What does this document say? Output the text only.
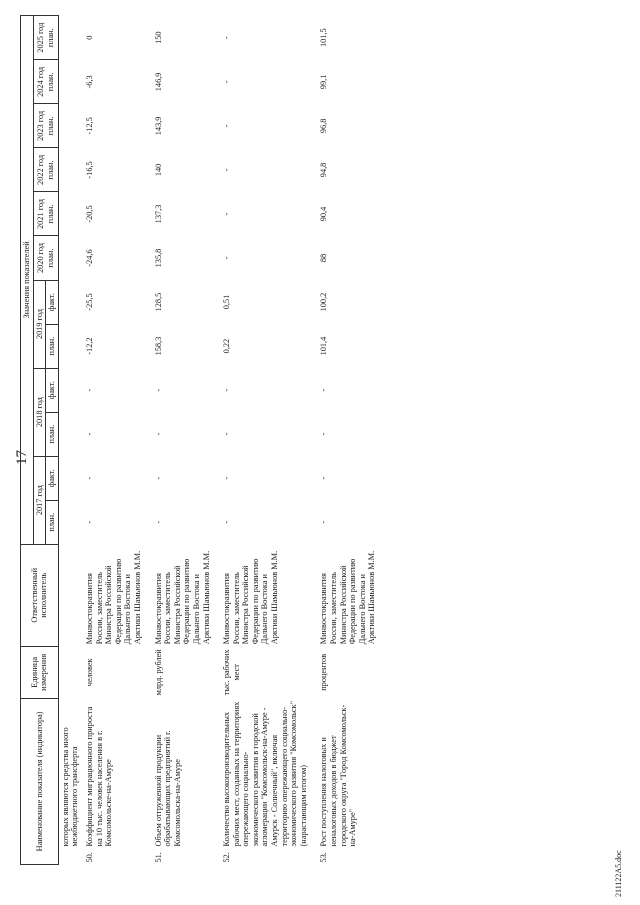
17
Наименование показателя (индикатора)		Единица измерения	Ответственный исполнитель	Значения показателей											
				2017 год		2018 год		2019 год		2020 год план.	2021 год план.	2022 год план.	2023 год план.	2024 год план.	2025 год план.
				план.	факт.	план.	факт.	план.	факт.						
	которых являются средства иного межбюджетного трансферта														
50.	Коэффициент миграционного прироста на 10 тыс. человек населения в г. Комсомольске-на-Амуре	человек	Минвостокразвития России, заместитель Министра Российской Федерации по развитию Дальнего Востока и Арктики Шамьюнов М.М.	-	-	-	-	-12,2	-25,5	-24,6	-20,5	-16,5	-12,5	-6,3	0
51.	Объем отгруженной продукции обрабатывающих предприятий г. Комсомольска-на-Амуре	млрд. рублей	Минвостокразвития России, заместитель Министра Российской Федерации по развитию Дальнего Востока и Арктики Шамьюнов М.М.	-	-	-	-	158,3	128,5	135,8	137,3	140	143,9	146,9	150
52.	Количество высокопроизводительных рабочих мест, созданных на территориях опережающего социально-экономического развития в городской агломерации "Комсомольск-на-Амуре - Амурск - Солнечный", включая территорию опережающего социально-экономического развития "Комсомольск" (нарастающим итогом)	тыс. рабочих мест	Минвостокразвития России, заместитель Министра Российской Федерации по развитию Дальнего Востока и Арктики Шамьюнов М.М.	-	-	-	-	0,22	0,51	-	-	-	-	-	-
53.	Рост поступления налоговых и неналоговых доходов в бюджет городского округа "Город Комсомольск-на-Амуре"	процентов	Минвостокразвития России, заместитель Министра Российской Федерации по развитию Дальнего Востока и Арктики Шамьюнов М.М.	-	-	-	-	101,4	100,2	88	90,4	94,8	96,8	99,1	101,5
211122A5.doc
